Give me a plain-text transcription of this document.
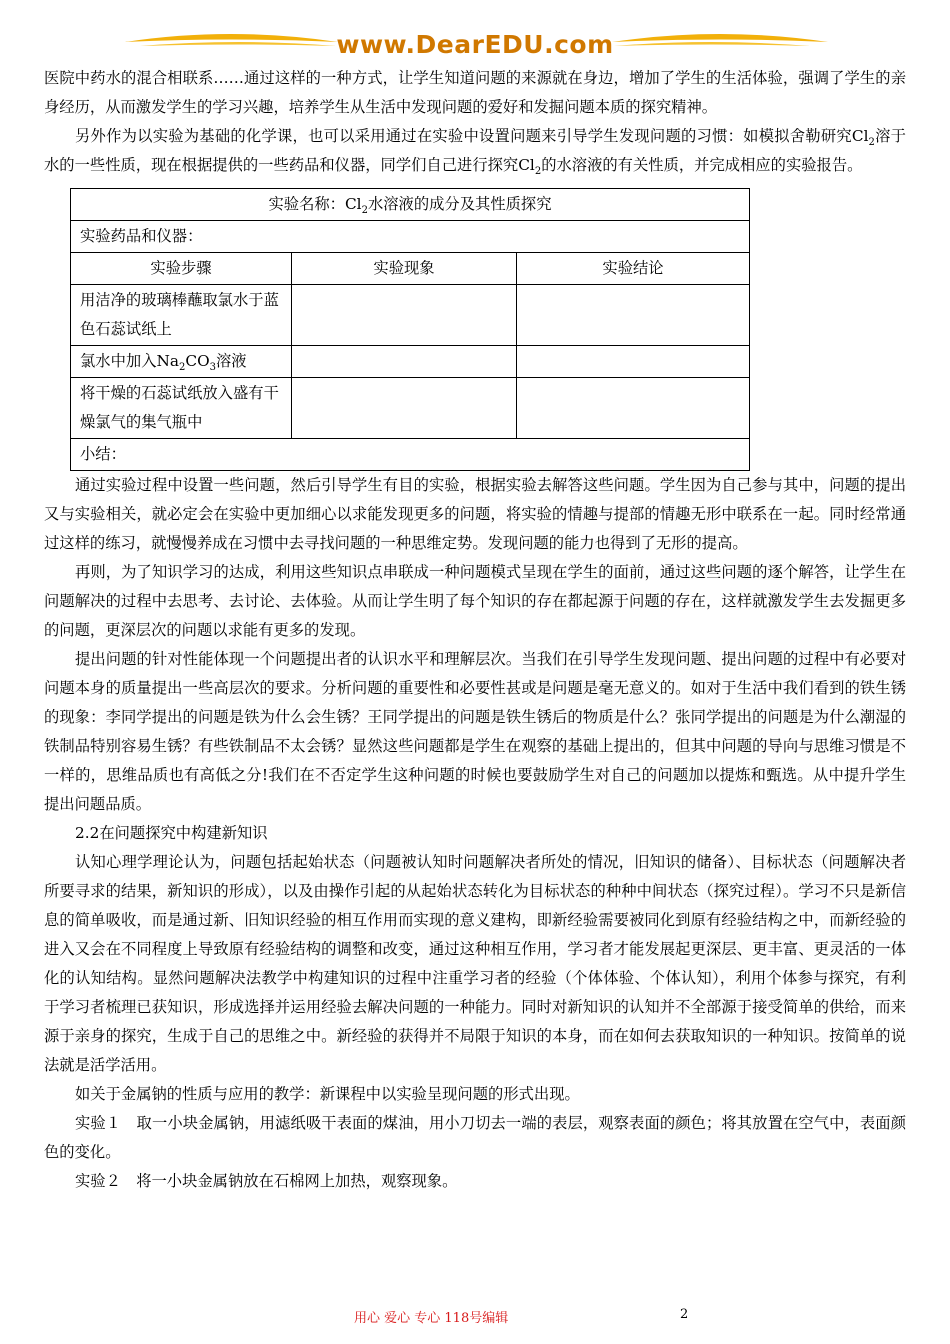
www.DearEDU.com

医院中药水的混合相联系……通过这样的一种方式，让学生知道问题的来源就在身边，增加了学生的生活体验，强调了学生的亲身经历，从而激发学生的学习兴趣，培养学生从生活中发现问题的爱好和发掘问题本质的探究精神。

另外作为以实验为基础的化学课，也可以采用通过在实验中设置问题来引导学生发现问题的习惯：如模拟舍勒研究$Cl_2$溶于水的一些性质，现在根据提供的一些药品和仪器，同学们自己进行探究$Cl_2$的水溶液的有关性质，并完成相应的实验报告。

实验名称：$Cl_2$水溶液的成分及其性质探究		
实验药品和仪器：		
实验步骤	实验现象	实验结论
用洁净的玻璃棒蘸取氯水于蓝色石蕊试纸上		
氯水中加入$Na_2CO_3$溶液		
将干燥的石蕊试纸放入盛有干燥氯气的集气瓶中		
小结：		

通过实验过程中设置一些问题，然后引导学生有目的实验，根据实验去解答这些问题。学生因为自己参与其中，问题的提出又与实验相关，就必定会在实验中更加细心以求能发现更多的问题，将实验的情趣与提部的情趣无形中联系在一起。同时经常通过这样的练习，就慢慢养成在习惯中去寻找问题的一种思维定势。发现问题的能力也得到了无形的提高。

再则，为了知识学习的达成，利用这些知识点串联成一种问题模式呈现在学生的面前，通过这些问题的逐个解答，让学生在问题解决的过程中去思考、去讨论、去体验。从而让学生明了每个知识的存在都起源于问题的存在，这样就激发学生去发掘更多的问题，更深层次的问题以求能有更多的发现。

提出问题的针对性能体现一个问题提出者的认识水平和理解层次。当我们在引导学生发现问题、提出问题的过程中有必要对问题本身的质量提出一些高层次的要求。分析问题的重要性和必要性甚或是问题是毫无意义的。如对于生活中我们看到的铁生锈的现象：李同学提出的问题是铁为什么会生锈？王同学提出的问题是铁生锈后的物质是什么？张同学提出的问题是为什么潮湿的铁制品特别容易生锈？有些铁制品不太会锈？显然这些问题都是学生在观察的基础上提出的，但其中问题的导向与思维习惯是不一样的，思维品质也有高低之分!我们在不否定学生这种问题的时候也要鼓励学生对自己的问题加以提炼和甄选。从中提升学生提出问题品质。

2.2在问题探究中构建新知识

认知心理学理论认为，问题包括起始状态（问题被认知时问题解决者所处的情况，旧知识的储备）、目标状态（问题解决者所要寻求的结果，新知识的形成），以及由操作引起的从起始状态转化为目标状态的种种中间状态（探究过程）。学习不只是新信息的简单吸收，而是通过新、旧知识经验的相互作用而实现的意义建构，即新经验需要被同化到原有经验结构之中，而新经验的进入又会在不同程度上导致原有经验结构的调整和改变，通过这种相互作用，学习者才能发展起更深层、更丰富、更灵活的一体化的认知结构。显然问题解决法教学中构建知识的过程中注重学习者的经验（个体体验、个体认知），利用个体参与探究，有利于学习者梳理已获知识，形成选择并运用经验去解决问题的一种能力。同时对新知识的认知并不全部源于接受简单的供给，而来源于亲身的探究，生成于自己的思维之中。新经验的获得并不局限于知识的本身，而在如何去获取知识的一种知识。按简单的说法就是活学活用。

如关于金属钠的性质与应用的教学：新课程中以实验呈现问题的形式出现。

实验１　取一小块金属钠，用滤纸吸干表面的煤油，用小刀切去一端的表层，观察表面的颜色；将其放置在空气中，表面颜色的变化。

实验２　将一小块金属钠放在石棉网上加热，观察现象。

用心 爱心 专心 118号编辑	2
